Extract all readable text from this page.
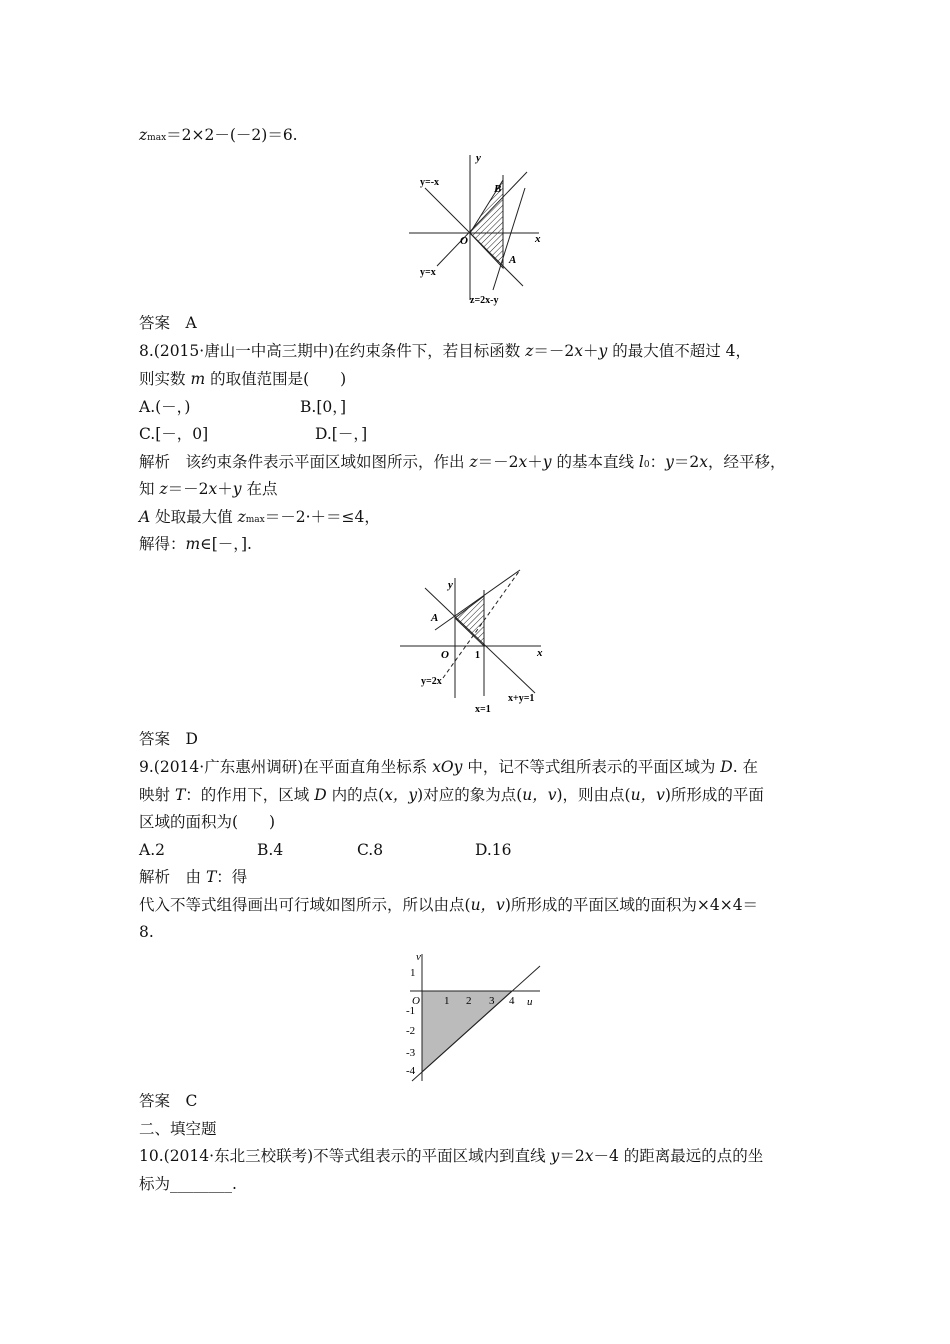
zmax＝2×2－(－2)＝6.
y
x
O
B
A
y=-x
y=x
z=2x-y
答案　A
8.(2015·唐山一中高三期中)在约束条件下，若目标函数 z＝－2x＋y 的最大值不超过 4，
则实数 m 的取值范围是(　　)
A.(－，)	B.[0，]
C.[－，0]	D.[－，]
解析　该约束条件表示平面区域如图所示，作出 z＝－2x＋y 的基本直线 l0：y＝2x，经平移，
知 z＝－2x＋y 在点
A 处取最大值 zmax＝－2·＋＝≤4，
解得：m∈[－，].
y
x
O
A
1
y=2x
x=1
x+y=1
答案　D
9.(2014·广东惠州调研)在平面直角坐标系 xOy 中，记不等式组所表示的平面区域为 D. 在
映射 T：的作用下，区域 D 内的点(x，y)对应的象为点(u，v)，则由点(u，v)所形成的平面
区域的面积为(　　)
A.2	B.4	C.8	D.16
解析　由 T：得
代入不等式组得画出可行域如图所示，所以由点(u，v)所形成的平面区域的面积为×4×4＝
8.
v
u
O 1 2 3 4
1
-1
-2
-3
-4
答案　C
二、填空题
10.(2014·东北三校联考)不等式组表示的平面区域内到直线 y＝2x－4 的距离最远的点的坐
标为________.
